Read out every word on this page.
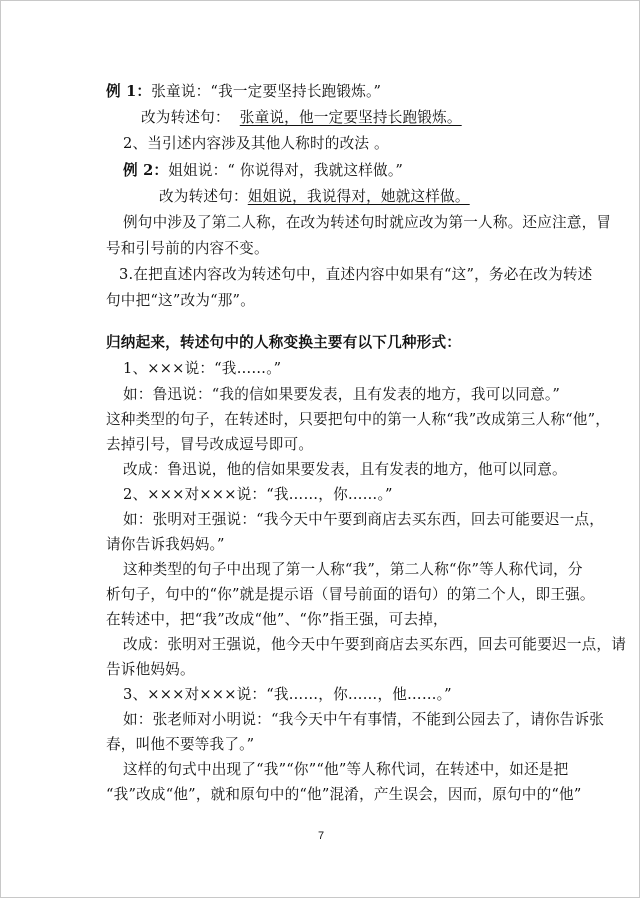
例 1：张童说：“我一定要坚持长跑锻炼。”
改为转述句： 张童说，他一定要坚持长跑锻炼。
2、当引述内容涉及其他人称时的改法 。
例 2：姐姐说：“ 你说得对，我就这样做。”
改为转述句：姐姐说，我说得对，她就这样做。
例句中涉及了第二人称，在改为转述句时就应改为第一人称。还应注意，冒
号和引号前的内容不变。
3.在把直述内容改为转述句中，直述内容中如果有“这”，务必在改为转述
句中把“这”改为“那”。
归纳起来，转述句中的人称变换主要有以下几种形式：
1、×××说：“我……。”
如：鲁迅说：“我的信如果要发表，且有发表的地方，我可以同意。”
这种类型的句子，在转述时，只要把句中的第一人称“我”改成第三人称“他”，
去掉引号，冒号改成逗号即可。
改成：鲁迅说，他的信如果要发表，且有发表的地方，他可以同意。
2、×××对×××说：“我……，你……。”
如：张明对王强说：“我今天中午要到商店去买东西，回去可能要迟一点，
请你告诉我妈妈。”
这种类型的句子中出现了第一人称“我”，第二人称“你”等人称代词，分
析句子，句中的“你”就是提示语（冒号前面的语句）的第二个人，即王强。
在转述中，把“我”改成“他”、“你”指王强，可去掉，
改成：张明对王强说，他今天中午要到商店去买东西，回去可能要迟一点，请
告诉他妈妈。
3、×××对×××说：“我……，你……，他……。”
如：张老师对小明说：“我今天中午有事情，不能到公园去了，请你告诉张
春，叫他不要等我了。”
这样的句式中出现了“我”“你”“他”等人称代词，在转述中，如还是把
“我”改成“他”，就和原句中的“他”混淆，产生误会，因而，原句中的“他”
7
